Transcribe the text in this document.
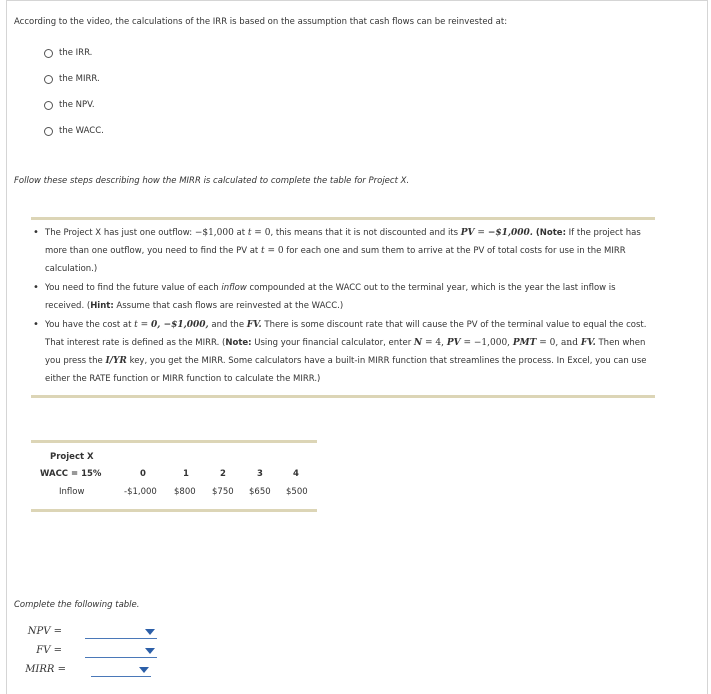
According to the video, the calculations of the IRR is based on the assumption that cash flows can be reinvested at:
the IRR.
the MIRR.
the NPV.
the WACC.
Follow these steps describing how the MIRR is calculated to complete the table for Project X.
• The Project X has just one outflow: −$1,000 at t = 0, this means that it is not discounted and its PV = −$1,000. (Note: If the project has more than one outflow, you need to find the PV at t = 0 for each one and sum them to arrive at the PV of total costs for use in the MIRR calculation.)
• You need to find the future value of each inflow compounded at the WACC out to the terminal year, which is the year the last inflow is received. (Hint: Assume that cash flows are reinvested at the WACC.)
• You have the cost at t = 0, −$1,000, and the FV. There is some discount rate that will cause the PV of the terminal value to equal the cost. That interest rate is defined as the MIRR. (Note: Using your financial calculator, enter N = 4, PV = −1,000, PMT = 0, and FV. Then when you press the I/YR key, you get the MIRR. Some calculators have a built-in MIRR function that streamlines the process. In Excel, you can use either the RATE function or MIRR function to calculate the MIRR.)
Project X
WACC = 15%	0	1	2	3	4
Inflow	-$1,000 $800 $750 $650 $500
Complete the following table.
NPV =
FV =
MIRR =
